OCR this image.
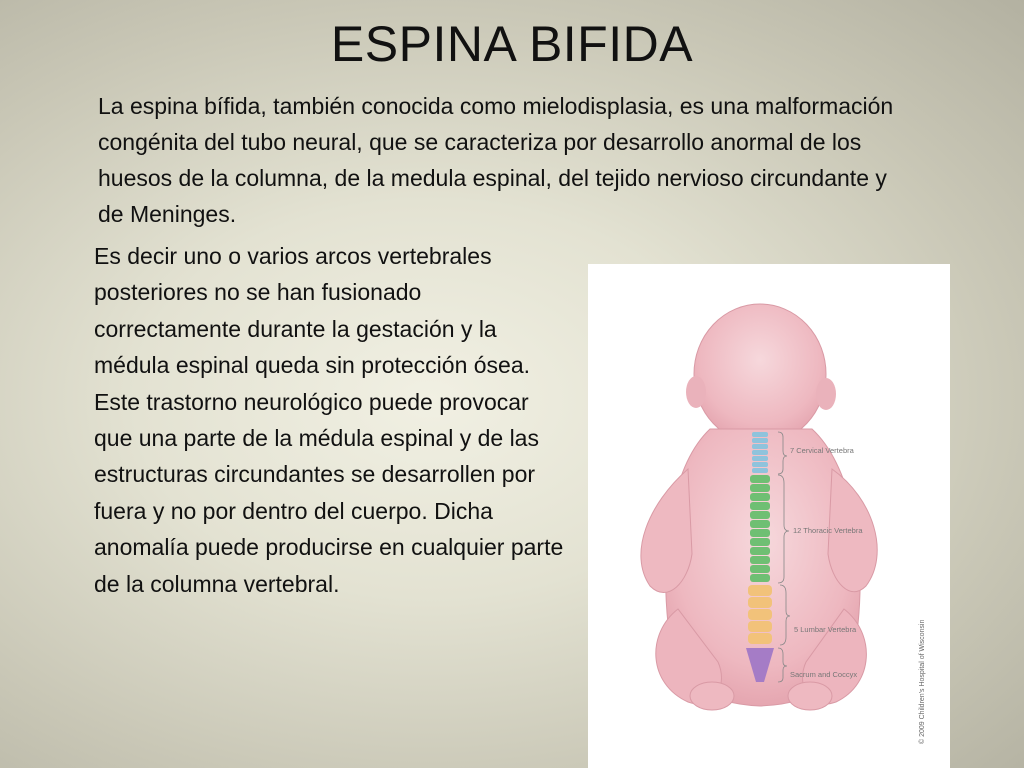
ESPINA BIFIDA

La espina bífida, también conocida como mielodisplasia, es una malformación congénita del tubo neural, que se caracteriza por desarrollo anormal de los huesos de la columna, de la medula espinal, del tejido nervioso circundante y de Meninges.

Es decir uno o varios arcos vertebrales posteriores no se han fusionado correctamente durante la gestación y la médula espinal queda sin protección ósea. Este trastorno neurológico puede provocar que una parte de la médula espinal y de las estructuras circundantes se desarrollen por fuera y no por dentro del cuerpo. Dicha anomalía puede producirse en cualquier parte de la columna vertebral.

7 Cervical Vertebra
12 Thoracic Vertebra
5 Lumbar Vertebra
Sacrum and Coccyx	© 2009 Children's Hospital of Wisconsin
